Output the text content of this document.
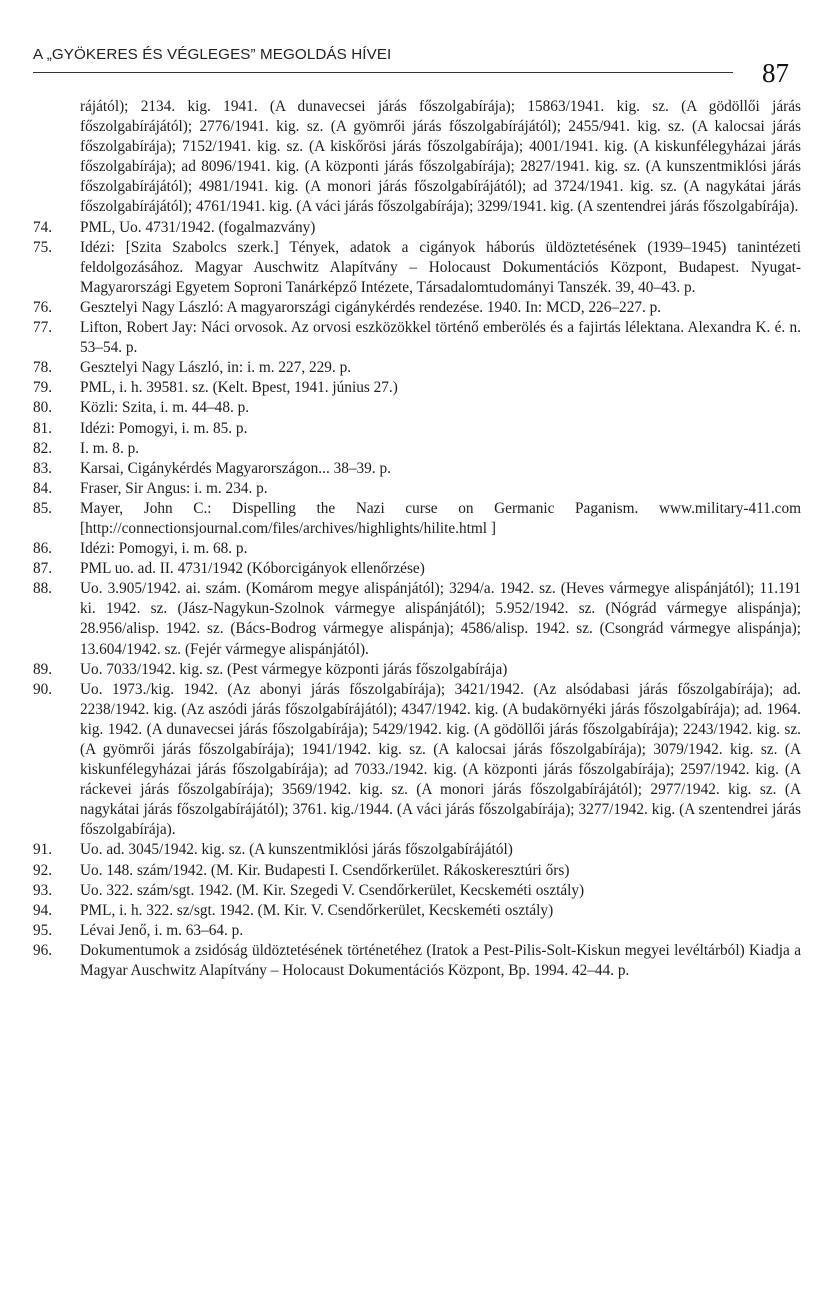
A „GYÖKERES ÉS VÉGLEGES” MEGOLDÁS HÍVEI
87

rájától); 2134. kig. 1941. (A dunavecsei járás főszolgabírája); 15863/1941. kig. sz. (A gödöllői járás főszolgabírájától); 2776/1941. kig. sz. (A gyömrői járás főszolgabírájától); 2455/941. kig. sz. (A kalocsai járás főszolgabírája); 7152/1941. kig. sz. (A kiskőrösi járás főszolgabírája); 4001/1941. kig. (A kiskunfélegyházai járás főszolgabírája); ad 8096/1941. kig. (A központi járás főszolgabírája); 2827/1941. kig. sz. (A kunszentmiklósi járás főszolgabírájától); 4981/1941. kig. (A monori járás főszolgabírájától); ad 3724/1941. kig. sz. (A nagykátai járás főszolgabírájától); 4761/1941. kig. (A váci járás főszolgabírája); 3299/1941. kig. (A szentendrei járás főszolgabírája).

74.	PML, Uo. 4731/1942. (fogalmazvány)
75.	Idézi: [Szita Szabolcs szerk.] Tények, adatok a cigányok háborús üldöztetésének (1939–1945) tanintézeti feldolgozásához. Magyar Auschwitz Alapítvány – Holocaust Dokumentációs Központ, Budapest. Nyugat-Magyarországi Egyetem Soproni Tanárképző Intézete, Társadalomtudományi Tanszék. 39, 40–43. p.
76.	Gesztelyi Nagy László: A magyarországi cigánykérdés rendezése. 1940. In: MCD, 226–227. p.
77.	Lifton, Robert Jay: Náci orvosok. Az orvosi eszközökkel történő emberölés és a fajirtás lélektana. Alexandra K. é. n. 53–54. p.
78.	Gesztelyi Nagy László, in: i. m. 227, 229. p.
79.	PML, i. h. 39581. sz. (Kelt. Bpest, 1941. június 27.)
80.	Közli: Szita, i. m. 44–48. p.
81.	Idézi: Pomogyi, i. m. 85. p.
82.	I. m. 8. p.
83.	Karsai, Cigánykérdés Magyarországon... 38–39. p.
84.	Fraser, Sir Angus: i. m. 234. p.
85.	Mayer, John C.: Dispelling the Nazi curse on Germanic Paganism. www.military-411.com [http://connectionsjournal.com/files/archives/highlights/hilite.html ]
86.	Idézi: Pomogyi, i. m. 68. p.
87.	PML uo. ad. II. 4731/1942 (Kóborcigányok ellenőrzése)
88.	Uo. 3.905/1942. ai. szám. (Komárom megye alispánjától); 3294/a. 1942. sz. (Heves vármegye alispánjától); 11.191 ki. 1942. sz. (Jász-Nagykun-Szolnok vármegye alispánjától); 5.952/1942. sz. (Nógrád vármegye alispánja); 28.956/alisp. 1942. sz. (Bács-Bodrog vármegye alispánja); 4586/alisp. 1942. sz. (Csongrád vármegye alispánja); 13.604/1942. sz. (Fejér vármegye alispánjától).
89.	Uo. 7033/1942. kig. sz. (Pest vármegye központi járás főszolgabírája)
90.	Uo. 1973./kig. 1942. (Az abonyi járás főszolgabírája); 3421/1942. (Az alsódabasi járás főszolgabírája); ad. 2238/1942. kig. (Az aszódi járás főszolgabírájától); 4347/1942. kig. (A budakörnyéki járás főszolgabírája); ad. 1964. kig. 1942. (A dunavecsei járás főszolgabírája); 5429/1942. kig. (A gödöllői járás főszolgabírája); 2243/1942. kig. sz. (A gyömrői járás főszolgabírája); 1941/1942. kig. sz. (A kalocsai járás főszolgabírája); 3079/1942. kig. sz. (A kiskunfélegyházai járás főszolgabírája); ad 7033./1942. kig. (A központi járás főszolgabírája); 2597/1942. kig. (A ráckevei járás főszolgabírája); 3569/1942. kig. sz. (A monori járás főszolgabírájától); 2977/1942. kig. sz. (A nagykátai járás főszolgabírájától); 3761. kig./1944. (A váci járás főszolgabírája); 3277/1942. kig. (A szentendrei járás főszolgabírája).
91.	Uo. ad. 3045/1942. kig. sz. (A kunszentmiklósi járás főszolgabírájától)
92.	Uo. 148. szám/1942. (M. Kir. Budapesti I. Csendőrkerület. Rákoskeresztúri őrs)
93.	Uo. 322. szám/sgt. 1942. (M. Kir. Szegedi V. Csendőrkerület, Kecskeméti osztály)
94.	PML, i. h. 322. sz/sgt. 1942. (M. Kir. V. Csendőrkerület, Kecskeméti osztály)
95.	Lévai Jenő, i. m. 63–64. p.
96.	Dokumentumok a zsidóság üldöztetésének történetéhez (Iratok a Pest-Pilis-Solt-Kiskun megyei levéltárból) Kiadja a Magyar Auschwitz Alapítvány – Holocaust Dokumentációs Központ, Bp. 1994. 42–44. p.
